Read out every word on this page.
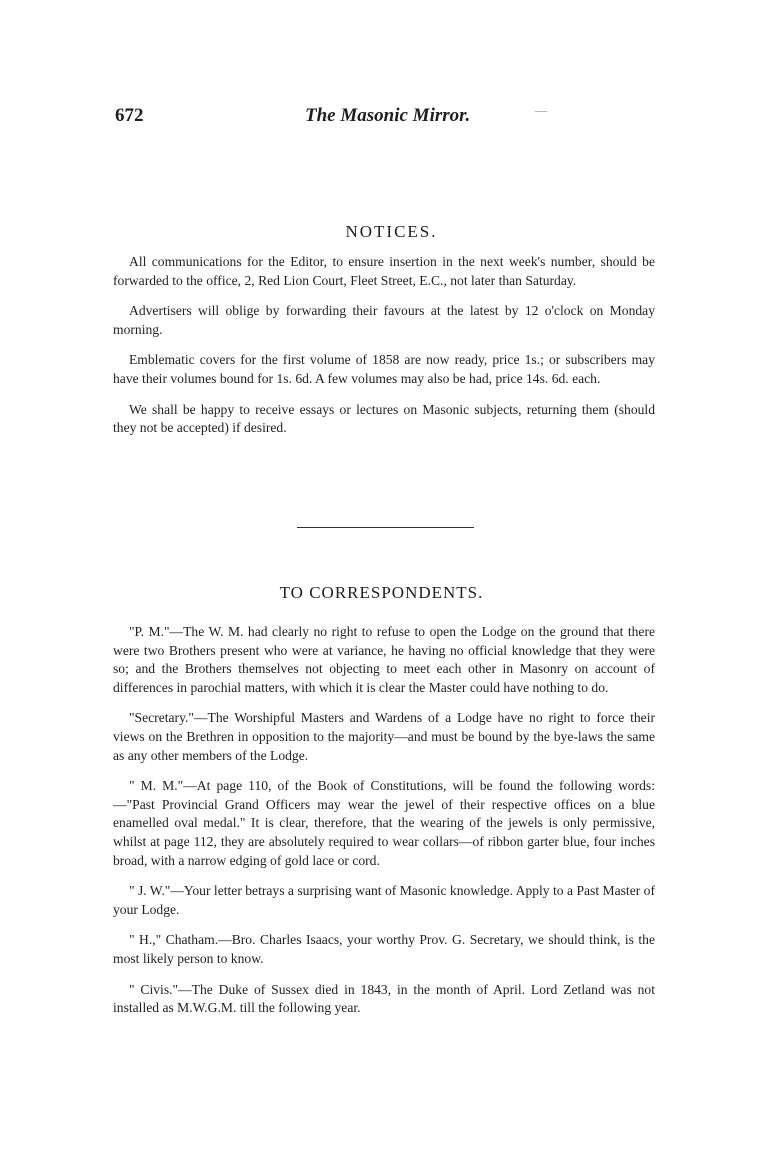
672	The Masonic Mirror.	—
NOTICES.

All communications for the Editor, to ensure insertion in the next week's number, should be forwarded to the office, 2, Red Lion Court, Fleet Street, E.C., not later than Saturday.

Advertisers will oblige by forwarding their favours at the latest by 12 o'clock on Monday morning.

Emblematic covers for the first volume of 1858 are now ready, price 1s.; or subscribers may have their volumes bound for 1s. 6d. A few volumes may also be had, price 14s. 6d. each.

We shall be happy to receive essays or lectures on Masonic subjects, returning them (should they not be accepted) if desired.

TO CORRESPONDENTS.

"P. M."—The W. M. had clearly no right to refuse to open the Lodge on the ground that there were two Brothers present who were at variance, he having no official knowledge that they were so; and the Brothers themselves not objecting to meet each other in Masonry on account of differences in parochial matters, with which it is clear the Master could have nothing to do.

"Secretary."—The Worshipful Masters and Wardens of a Lodge have no right to force their views on the Brethren in opposition to the majority—and must be bound by the bye-laws the same as any other members of the Lodge.

" M. M."—At page 110, of the Book of Constitutions, will be found the following words:—"Past Provincial Grand Officers may wear the jewel of their respective offices on a blue enamelled oval medal." It is clear, therefore, that the wearing of the jewels is only permissive, whilst at page 112, they are absolutely required to wear collars—of ribbon garter blue, four inches broad, with a narrow edging of gold lace or cord.

" J. W."—Your letter betrays a surprising want of Masonic knowledge. Apply to a Past Master of your Lodge.

" H.," Chatham.—Bro. Charles Isaacs, your worthy Prov. G. Secretary, we should think, is the most likely person to know.

" Civis."—The Duke of Sussex died in 1843, in the month of April. Lord Zetland was not installed as M.W.G.M. till the following year.
